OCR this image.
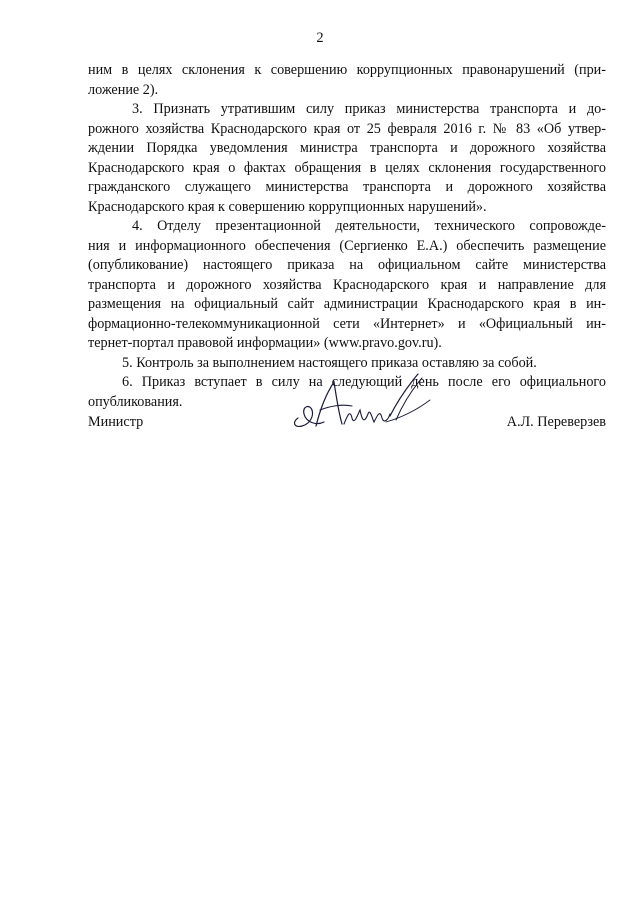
2
ним в целях склонения к совершению коррупционных правонарушений (при-
ложение 2).
3. Признать утратившим силу приказ министерства транспорта и до-
рожного хозяйства Краснодарского края от 25 февраля 2016 г. № 83 «Об утвер-
ждении Порядка уведомления министра транспорта и дорожного хозяйства
Краснодарского края о фактах обращения в целях склонения государственного
гражданского служащего министерства транспорта и дорожного хозяйства
Краснодарского края к совершению коррупционных нарушений».
4. Отделу презентационной деятельности, технического сопровожде-
ния и информационного обеспечения (Сергиенко Е.А.) обеспечить размещение
(опубликование) настоящего приказа на официальном сайте министерства
транспорта и дорожного хозяйства Краснодарского края и направление для
размещения на официальный сайт администрации Краснодарского края в ин-
формационно-телекоммуникационной сети «Интернет» и «Официальный ин-
тернет-портал правовой информации» (www.pravo.gov.ru).
5. Контроль за выполнением настоящего приказа оставляю за собой.
6. Приказ вступает в силу на следующий день после его официального
опубликования.
Министр	А.Л. Переверзев
